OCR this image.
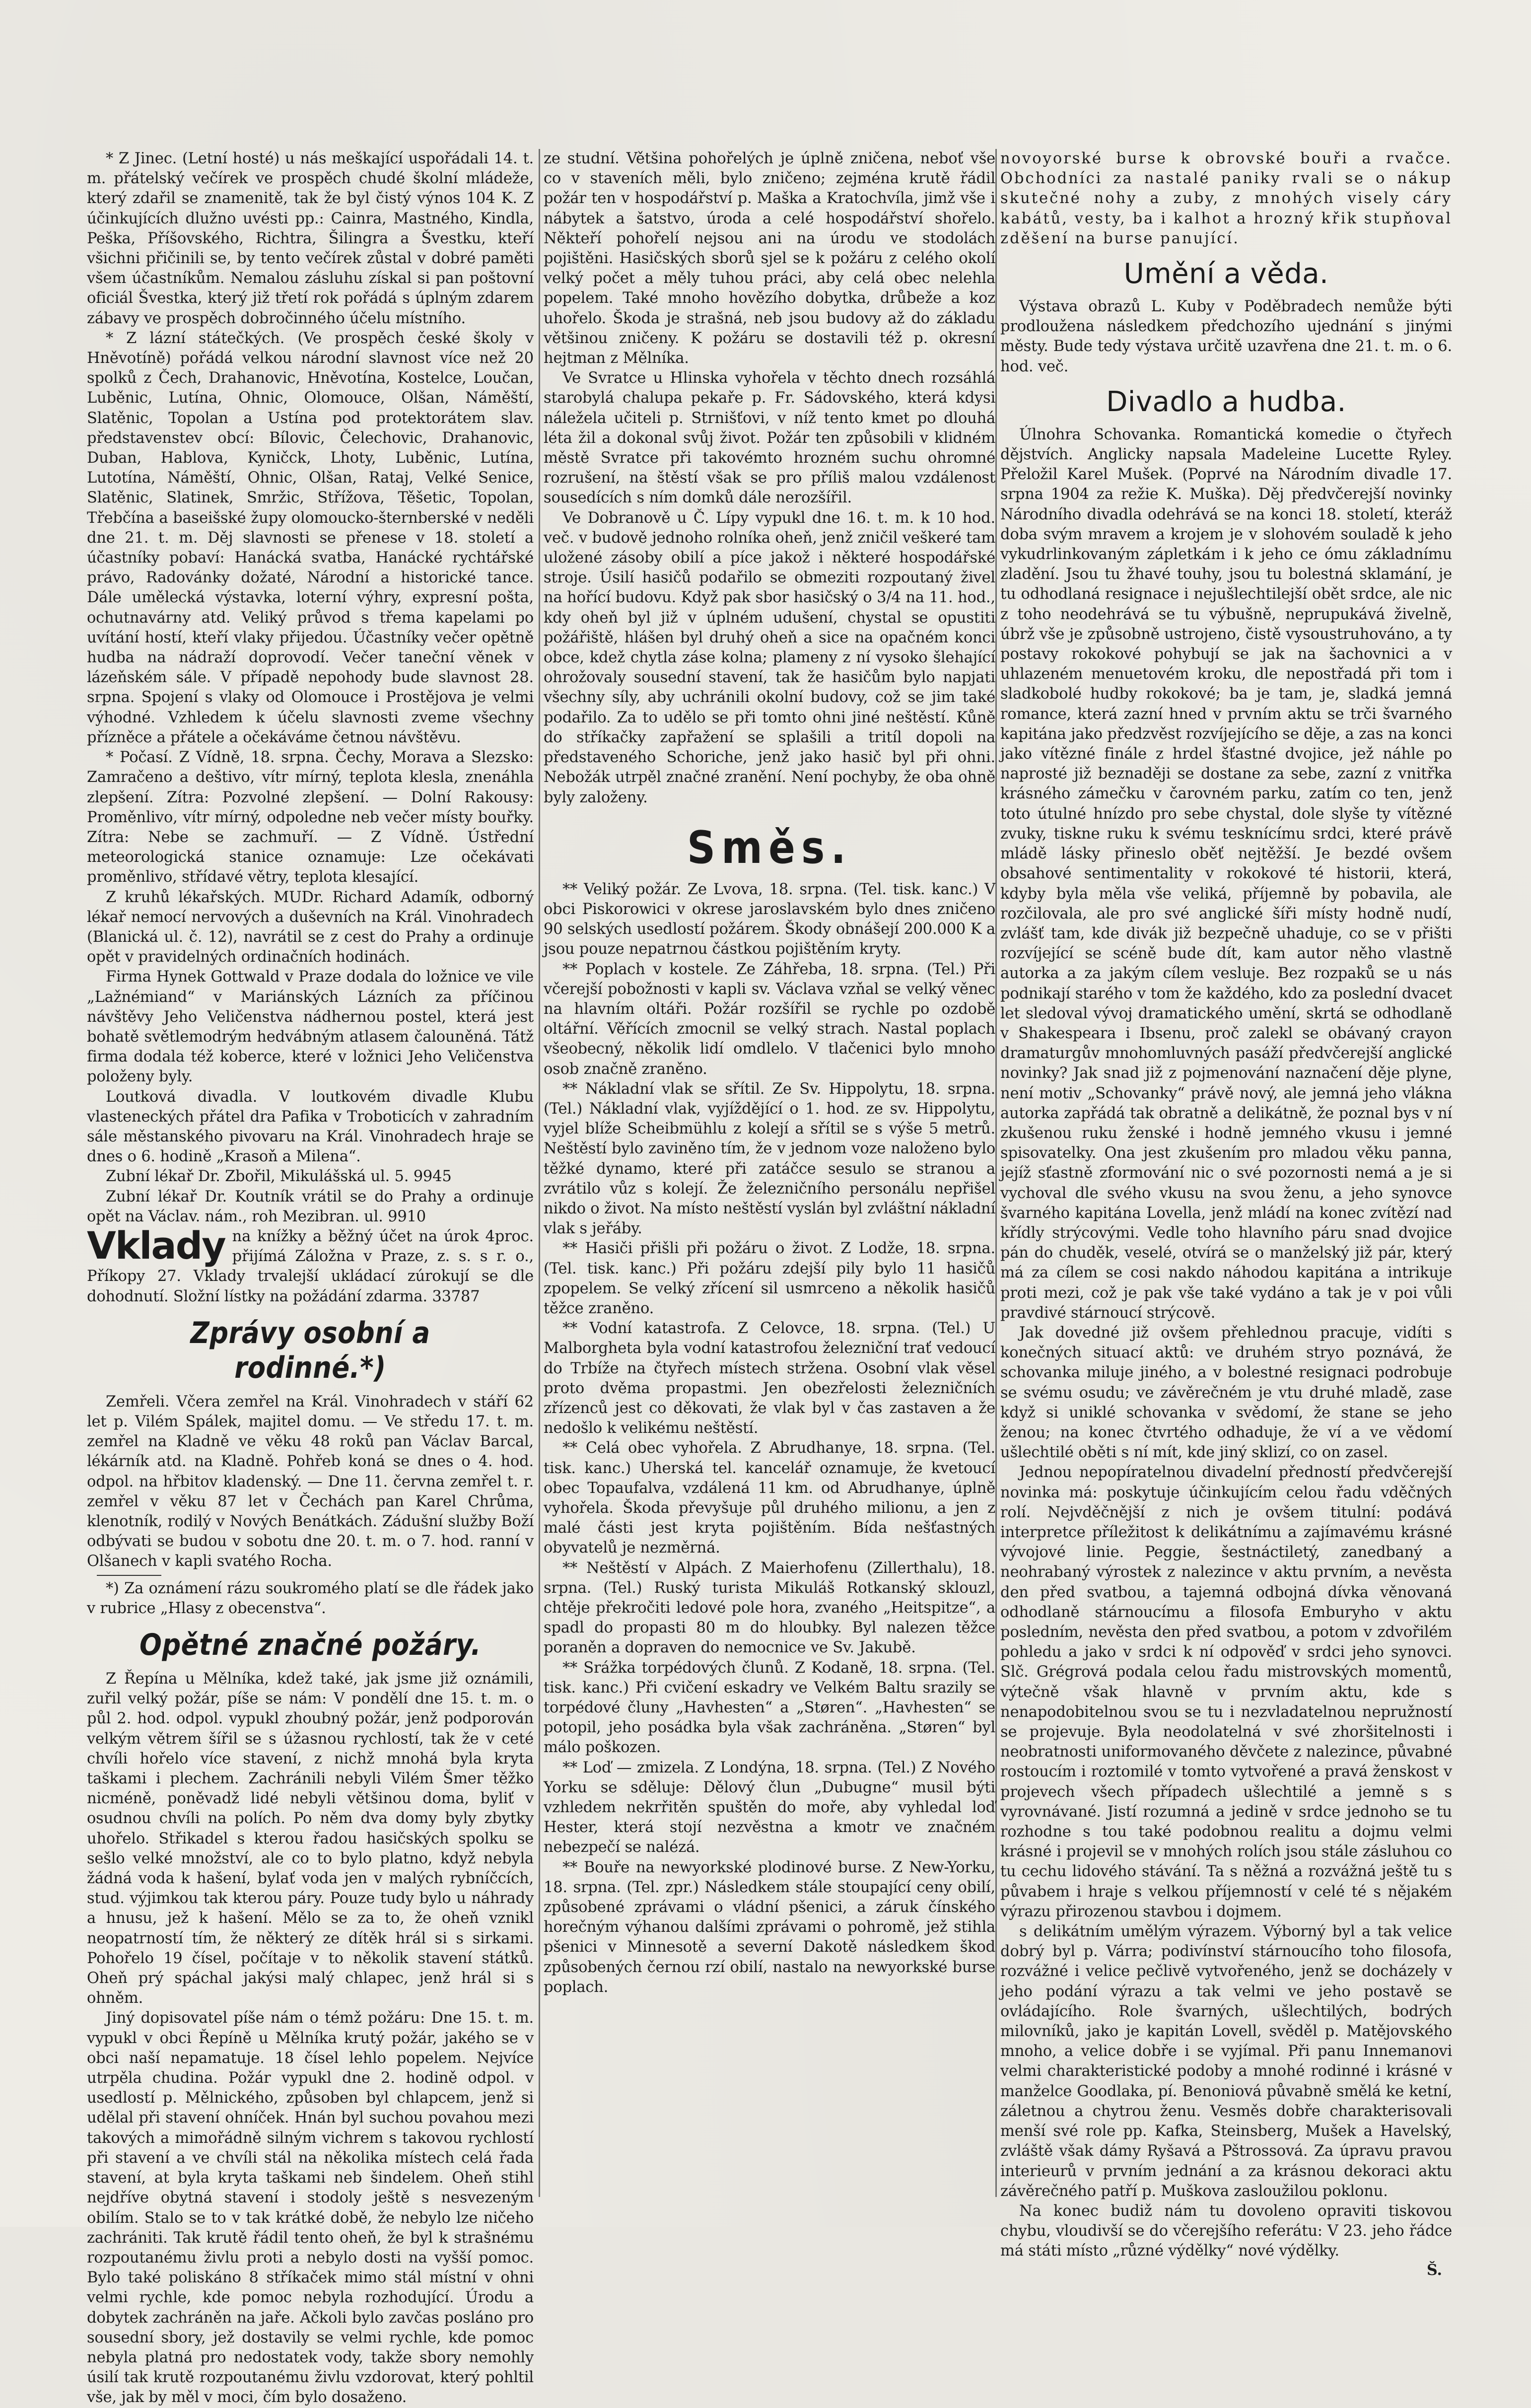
* Z Jinec. (Letní hosté) u nás meškající uspořádali 14. t. m. přátelský večírek ve prospěch chudé školní mládeže, který zdařil se znamenitě, tak že byl čistý výnos 104 K. Z účinkujících dlužno uvésti pp.: Cainra, Mastného, Kindla, Peška, Příšovského, Richtra, Šilingra a Švestku, kteří všichni přičinili se, by tento večírek zůstal v dobré paměti všem účastníkům. Nemalou zásluhu získal si pan poštovní oficiál Švestka, který již třetí rok pořádá s úplným zdarem zábavy ve prospěch dobročinného účelu místního.

* Z lázní státečkých. (Ve prospěch české školy v Hněvotíně) pořádá velkou národní slavnost více než 20 spolků z Čech, Drahanovic, Hněvotína, Kostelce, Loučan, Luběnic, Lutína, Ohnic, Olomouce, Olšan, Náměští, Slatěnic, Topolan a Ustína pod protektorátem slav. představenstev obcí: Bílovic, Čelechovic, Drahanovic, Duban, Hablova, Kyničck, Lhoty, Luběnic, Lutína, Lutotína, Náměští, Ohnic, Olšan, Rataj, Velké Senice, Slatěnic, Slatinek, Smržic, Střížova, Těšetic, Topolan, Třebčína a baseišské župy olomoucko-šternberské v neděli dne 21. t. m. Děj slavnosti se přenese v 18. století a účastníky pobaví: Hanácká svatba, Hanácké rychtářské právo, Radovánky dožaté, Národní a historické tance. Dále umělecká výstavka, loterní výhry, expresní pošta, ochutnavárny atd. Veliký průvod s třema kapelami po uvítání hostí, kteří vlaky přijedou. Účastníky večer opětně hudba na nádraží doprovodí. Večer taneční věnek v lázeňském sále. V případě nepohody bude slavnost 28. srpna. Spojení s vlaky od Olomouce i Prostějova je velmi výhodné. Vzhledem k účelu slavnosti zveme všechny přízněce a přátele a očekáváme četnou návštěvu.

* Počasí. Z Vídně, 18. srpna. Čechy, Morava a Slezsko: Zamračeno a deštivo, vítr mírný, teplota klesla, znenáhla zlepšení. Zítra: Pozvolné zlepšení. — Dolní Rakousy: Proměnlivo, vítr mírný, odpoledne neb večer místy bouřky. Zítra: Nebe se zachmuří. — Z Vídně. Ústřední meteorologická stanice oznamuje: Lze očekávati proměnlivo, střídavé větry, teplota klesající.

Z kruhů lékařských. MUDr. Richard Adamík, odborný lékař nemocí nervových a duševních na Král. Vinohradech (Blanická ul. č. 12), navrátil se z cest do Prahy a ordinuje opět v pravidelných ordinačních hodinách.

Firma Hynek Gottwald v Praze dodala do ložnice ve vile „Lažnémiand“ v Mariánských Lázních za příčinou návštěvy Jeho Veličenstva nádhernou postel, která jest bohatě světlemodrým hedvábným atlasem čalouněná. Tátž firma dodala též koberce, které v ložnici Jeho Veličenstva položeny byly.

Loutková divadla. V loutkovém divadle Klubu vlasteneckých přátel dra Pafika v Troboticích v zahradním sále městanského pivovaru na Král. Vinohradech hraje se dnes o 6. hodině „Krasoň a Milena“.

Zubní lékař Dr. Zbořil, Mikulášská ul. 5. 9945

Zubní lékař Dr. Koutník vrátil se do Prahy a ordinuje opět na Václav. nám., roh Mezibran. ul. 9910

Vklady na knížky a běžný účet na úrok 4proc. přijímá Záložna v Praze, z. s. s r. o., Příkopy 27. Vklady trvalejší ukládací zúrokují se dle dohodnutí. Složní lístky na požádání zdarma. 33787

Zprávy osobní a rodinné.*)

Zemřeli. Včera zemřel na Král. Vinohradech v stáří 62 let p. Vilém Spálek, majitel domu. — Ve středu 17. t. m. zemřel na Kladně ve věku 48 roků pan Václav Barcal, lékárník atd. na Kladně. Pohřeb koná se dnes o 4. hod. odpol. na hřbitov kladenský. — Dne 11. června zemřel t. r. zemřel v věku 87 let v Čechách pan Karel Chrůma, klenotník, rodilý v Nových Benátkách. Zádušní služby Boží odbývati se budou v sobotu dne 20. t. m. o 7. hod. ranní v Olšanech v kapli svatého Rocha.

*) Za oznámení rázu soukromého platí se dle řádek jako v rubrice „Hlasy z obecenstva“.

Opětné značné požáry.

Z Řepína u Mělníka, kdež také, jak jsme již oznámili, zuřil velký požár, píše se nám: V pondělí dne 15. t. m. o půl 2. hod. odpol. vypukl zhoubný požár, jenž podporován velkým větrem šířil se s úžasnou rychlostí, tak že v ceté chvíli hořelo více stavení, z nichž mnohá byla kryta taškami i plechem. Zachránili nebyli Vilém Šmer těžko nicméně, poněvadž lidé nebyli většinou doma, byliť v osudnou chvíli na polích. Po něm dva domy byly zbytky uhořelo. Střikadel s kterou řadou hasičských spolku se sešlo velké množství, ale co to bylo platno, když nebyla žádná voda k hašení, bylať voda jen v malých rybníčcích, stud. výjimkou tak kterou páry. Pouze tudy bylo u náhrady a hnusu, jež k hašení. Mělo se za to, že oheň vznikl neopatrností tím, že některý ze dítěk hrál si s sirkami. Pohořelo 19 čísel, počítaje v to několik stavení státků. Oheň prý spáchal jakýsi malý chlapec, jenž hrál si s ohněm.

Jiný dopisovatel píše nám o témž požáru: Dne 15. t. m. vypukl v obci Řepíně u Mělníka krutý požár, jakého se v obci naší nepamatuje. 18 čísel lehlo popelem. Nejvíce utrpěla chudina. Požár vypukl dne 2. hodině odpol. v usedlostí p. Mělnického, způsoben byl chlapcem, jenž si udělal při stavení ohníček. Hnán byl suchou povahou mezi takových a mimořádně silným vichrem s takovou rychlostí při stavení a ve chvíli stál na několika místech celá řada stavení, at byla kryta taškami neb šindelem. Oheň stihl nejdříve obytná stavení i stodoly ještě s nesvezeným obilím. Stalo se to v tak krátké době, že nebylo lze ničeho zachrániti. Tak krutě řádil tento oheň, že byl k strašnému rozpoutanému živlu proti a nebylo dosti na vyšší pomoc. Bylo také poliskáno 8 stříkaček mimo stál místní v ohni velmi rychle, kde pomoc nebyla rozhodující. Úrodu a dobytek zachráněn na jaře. Ačkoli bylo zavčas posláno pro sousední sbory, jež dostavily se velmi rychle, kde pomoc nebyla platná pro nedostatek vody, takže sbory nemohly úsilí tak krutě rozpoutanému živlu vzdorovat, který pohltil vše, jak by měl v moci, čím bylo dosaženo.

ze studní. Většina pohořelých je úplně zničena, neboť vše co v staveních měli, bylo zničeno; zejména krutě řádil požár ten v hospodářství p. Maška a Kratochvíla, jimž vše i nábytek a šatstvo, úroda a celé hospodářství shořelo. Někteří pohořelí nejsou ani na úrodu ve stodolách pojištěni. Hasičských sborů sjel se k požáru z celého okolí velký počet a měly tuhou práci, aby celá obec nelehla popelem. Také mnoho hovězího dobytka, drůbeže a koz uhořelo. Škoda je strašná, neb jsou budovy až do základu většinou zničeny. K požáru se dostavili též p. okresní hejtman z Mělníka.

Ve Svratce u Hlinska vyhořela v těchto dnech rozsáhlá starobylá chalupa pekaře p. Fr. Sádovského, která kdysi náležela učiteli p. Strnišťovi, v níž tento kmet po dlouhá léta žil a dokonal svůj život. Požár ten způsobili v klidném městě Svratce při takovémto hrozném suchu ohromné rozrušení, na štěstí však se pro příliš malou vzdálenost sousedících s ním domků dále nerozšířil.

Ve Dobranově u Č. Lípy vypukl dne 16. t. m. k 10 hod. več. v budově jednoho rolníka oheň, jenž zničil veškeré tam uložené zásoby obilí a píce jakož i některé hospodářské stroje. Úsilí hasičů podařilo se obmeziti rozpoutaný živel na hořící budovu. Když pak sbor hasičský o 3/4 na 11. hod., kdy oheň byl již v úplném udušení, chystal se opustiti požářiště, hlášen byl druhý oheň a sice na opačném konci obce, kdež chytla záse kolna; plameny z ní vysoko šlehající ohrožovaly sousední stavení, tak že hasičům bylo napjati všechny síly, aby uchránili okolní budovy, což se jim také podařilo. Za to udělo se při tomto ohni jiné neštěstí. Kůně do stříkačky zapřažení se splašili a tritíl dopoli na představeného Schoriche, jenž jako hasič byl při ohni. Nebožák utrpěl značné zranění. Není pochyby, že oba ohně byly založeny.

Směs.

** Veliký požár. Ze Lvova, 18. srpna. (Tel. tisk. kanc.) V obci Piskorowici v okrese jaroslavském bylo dnes zničeno 90 selských usedlostí požárem. Škody obnášejí 200.000 K a jsou pouze nepatrnou částkou pojištěním kryty.

** Poplach v kostele. Ze Záhřeba, 18. srpna. (Tel.) Při včerejší pobožnosti v kapli sv. Václava vzňal se velký věnec na hlavním oltáři. Požár rozšířil se rychle po ozdobě oltářní. Věřících zmocnil se velký strach. Nastal poplach všeobecný, několik lidí omdlelo. V tlačenici bylo mnoho osob značně zraněno.

** Nákladní vlak se sřítil. Ze Sv. Hippolytu, 18. srpna. (Tel.) Nákladní vlak, vyjíždějící o 1. hod. ze sv. Hippolytu, vyjel blíže Scheibmühlu z kolejí a sřítil se s výše 5 metrů. Neštěstí bylo zaviněno tím, že v jednom voze naloženo bylo těžké dynamo, které při zatáčce sesulo se stranou a zvrátilo vůz s kolejí. Že železničního personálu nepřišel nikdo o život. Na místo neštěstí vyslán byl zvláštní nákladní vlak s jeřáby.

** Hasiči přišli při požáru o život. Z Lodže, 18. srpna. (Tel. tisk. kanc.) Při požáru zdejší pily bylo 11 hasičů zpopelem. Se velký zřícení sil usmrceno a několik hasičů těžce zraněno.

** Vodní katastrofa. Z Celovce, 18. srpna. (Tel.) U Malborgheta byla vodní katastrofou železniční trať vedoucí do Trbíže na čtyřech místech stržena. Osobní vlak věsel proto dvěma propastmi. Jen obezřelosti železničních zřízenců jest co děkovati, že vlak byl v čas zastaven a že nedošlo k velikému neštěstí.

** Celá obec vyhořela. Z Abrudhanye, 18. srpna. (Tel. tisk. kanc.) Uherská tel. kancelář oznamuje, že kvetoucí obec Topaufalva, vzdálená 11 km. od Abrudhanye, úplně vyhořela. Škoda převyšuje půl druhého milionu, a jen z malé části jest kryta pojištěním. Bída nešťastných obyvatelů je nezměrná.

** Neštěstí v Alpách. Z Maierhofenu (Zillerthalu), 18. srpna. (Tel.) Ruský turista Mikuláš Rotkanský sklouzl, chtěje překročiti ledové pole hora, zvaného „Heitspitze“, a spadl do propasti 80 m do hloubky. Byl nalezen těžce poraněn a dopraven do nemocnice ve Sv. Jakubě.

** Srážka torpédových člunů. Z Kodaně, 18. srpna. (Tel. tisk. kanc.) Při cvičení eskadry ve Velkém Baltu srazily se torpédové čluny „Havhesten“ a „Støren“. „Havhesten“ se potopil, jeho posádka byla však zachráněna. „Støren“ byl málo poškozen.

** Loď — zmizela. Z Londýna, 18. srpna. (Tel.) Z Nového Yorku se sděluje: Dělový člun „Dubugne“ musil býti vzhledem nekrřitěn spuštěn do moře, aby vyhledal loď Hester, která stojí nezvěstna a kmotr ve značném nebezpečí se nalézá.

** Bouře na newyorkské plodinové burse. Z New-Yorku, 18. srpna. (Tel. zpr.) Následkem stále stoupající ceny obilí, způsobené zprávami o vládní pšenici, a záruk čínského horečným výhanou dalšími zprávami o pohromě, jež stihla pšenici v Minnesotě a severní Dakotě následkem škod způsobených černou rzí obilí, nastalo na newyorkské burse poplach.

novoyorské burse k obrovské bouři a rvačce. Obchodníci za nastalé paniky rvali se o nákup skutečné nohy a zuby, z mnohých visely cáry kabátů, vesty, ba i kalhot a hrozný křik stupňoval zděšení na burse panující.

Umění a věda.

Výstava obrazů L. Kuby v Poděbradech nemůže býti prodloužena následkem předchozího ujednání s jinými městy. Bude tedy výstava určitě uzavřena dne 21. t. m. o 6. hod. več.

Divadlo a hudba.

Úlnohra Schovanka. Romantická komedie o čtyřech dějstvích. Anglicky napsala Madeleine Lucette Ryley. Přeložil Karel Mušek. (Poprvé na Národním divadle 17. srpna 1904 za režie K. Muška). Děj předvčerejší novinky Národního divadla odehrává se na konci 18. století, kteráž doba svým mravem a krojem je v slohovém souladě k jeho vykudrlinkovaným zápletkám i k jeho ce ómu základnímu zladění. Jsou tu žhavé touhy, jsou tu bolestná sklamání, je tu odhodlaná resignace i nejušlechtilejší obět srdce, ale nic z toho neodehrává se tu výbušně, neprupukává živelně, úbrž vše je způsobně ustrojeno, čistě vysoustruhováno, a ty postavy rokokové pohybují se jak na šachovnici a v uhlazeném menuetovém kroku, dle nepostřadá při tom i sladkobolé hudby rokokové; ba je tam, je, sladká jemná romance, která zazní hned v prvním aktu se trči švarného kapitána jako předzvěst rozvíjejícího se děje, a zas na konci jako vítězné finále z hrdel šťastné dvojice, jež náhle po naprosté již beznaději se dostane za sebe, zazní z vnitřka krásného zámečku v čarovném parku, zatím co ten, jenž toto útulné hnízdo pro sebe chystal, dole slyše ty vítězné zvuky, tiskne ruku k svému tesknícímu srdci, které právě mládě lásky přineslo oběť nejtěžší. Je bezdé ovšem obsahové sentimentality v rokokové té historii, která, kdyby byla měla vše veliká, příjemně by pobavila, ale rozčilovala, ale pro své anglické šíři místy hodně nudí, zvlášť tam, kde divák již bezpečně uhaduje, co se v přišti rozvíjející se scéně bude dít, kam autor něho vlastně autorka a za jakým cílem vesluje. Bez rozpaků se u nás podnikají starého v tom že každého, kdo za poslední dvacet let sledoval vývoj dramatického umění, skrtá se odhodlaně v Shakespeara i Ibsenu, proč zalekl se obávaný crayon dramaturgův mnohomluvných pasáží předvčerejší anglické novinky? Jak snad již z pojmenování naznačení děje plyne, není motiv „Schovanky“ právě nový, ale jemná jeho vlákna autorka zapřádá tak obratně a delikátně, že poznal bys v ní zkušenou ruku ženské i hodně jemného vkusu i jemné spisovatelky. Ona jest zkušením pro mladou věku panna, jejíž sťastně zformování nic o své pozornosti nemá a je si vychoval dle svého vkusu na svou ženu, a jeho synovce švarného kapitána Lovella, jenž mládí na konec zvítězí nad křídly strýcovými. Vedle toho hlavního páru snad dvojice pán do chuděk, veselé, otvírá se o manželský již pár, který má za cílem se cosi nakdo náhodou kapitána a intrikuje proti mezi, což je pak vše také vydáno a tak je v poi vůli pravdivé stárnoucí strýcově.

Jak dovedné již ovšem přehlednou pracuje, vidíti s konečných situací aktů: ve druhém stryo poznává, že schovanka miluje jiného, a v bolestné resignaci podrobuje se svému osudu; ve závěrečném je vtu druhé mladě, zase když si uniklé schovanka v svědomí, že stane se jeho ženou; na konec čtvrtého odhaduje, že ví a ve vědomí ušlechtilé oběti s ní mít, kde jiný sklizí, co on zasel.

Jednou nepopíratelnou divadelní předností předvčerejší novinka má: poskytuje účinkujícím celou řadu vděčných rolí. Nejvděčnější z nich je ovšem titulní: podává interpretce příležitost k delikátnímu a zajímavému krásné vývojové linie. Peggie, šestnáctiletý, zanedbaný a neohrabaný výrostek z nalezince v aktu prvním, a nevěsta den před svatbou, a tajemná odbojná dívka věnovaná odhodlaně stárnoucímu a filosofa Emburyho v aktu posledním, nevěsta den před svatbou, a potom v zdvořilém pohledu a jako v srdci k ní odpověď v srdci jeho synovci. Slč. Grégrová podala celou řadu mistrovských momentů, výtečně však hlavně v prvním aktu, kde s nenapodobitelnou svou se tu i nezvladatelnou nepružností se projevuje. Byla neodolatelná v své zhoršitelnosti i neobratnosti uniformovaného děvčete z nalezince, půvabné rostoucím i roztomilé v tomto vytvořené a pravá ženskost v projevech všech případech ušlechtilé a jemně s s vyrovnávané. Jistí rozumná a jedině v srdce jednoho se tu rozhodne s tou také podobnou realitu a dojmu velmi krásné i projevil se v mnohých rolích jsou stále zásluhou co tu cechu lidového stávání. Ta s něžná a rozvážná ještě tu s půvabem i hraje s velkou příjemností v celé té s nějakém výrazu přirozenou stavbou i dojmem.

s delikátním umělým výrazem. Výborný byl a tak velice dobrý byl p. Várra; podivínství stárnoucího toho filosofa, rozvážné i velice pečlivě vytvořeného, jenž se docházely v jeho podání výrazu a tak velmi ve jeho postavě se ovládajícího. Role švarných, ušlechtilých, bodrých milovníků, jako je kapitán Lovell, svěděl p. Matějovského mnoho, a velice dobře i se vyjímal. Při panu Innemanovi velmi charakteristické podoby a mnohé rodinné i krásné v manželce Goodlaka, pí. Benoniová půvabně smělá ke ketní, záletnou a chytrou ženu. Vesměs dobře charakterisovali menší své role pp. Kafka, Steinsberg, Mušek a Havelský, zvláště však dámy Ryšavá a Pštrossová. Za úpravu pravou interieurů v prvním jednání a za krásnou dekoraci aktu závěrečného patří p. Muškova zasloužilou poklonu.

Na konec budiž nám tu dovoleno opraviti tiskovou chybu, vloudivší se do včerejšího referátu: V 23. jeho řádce má státi místo „různé výdělky“ nové výdělky.

Š.
